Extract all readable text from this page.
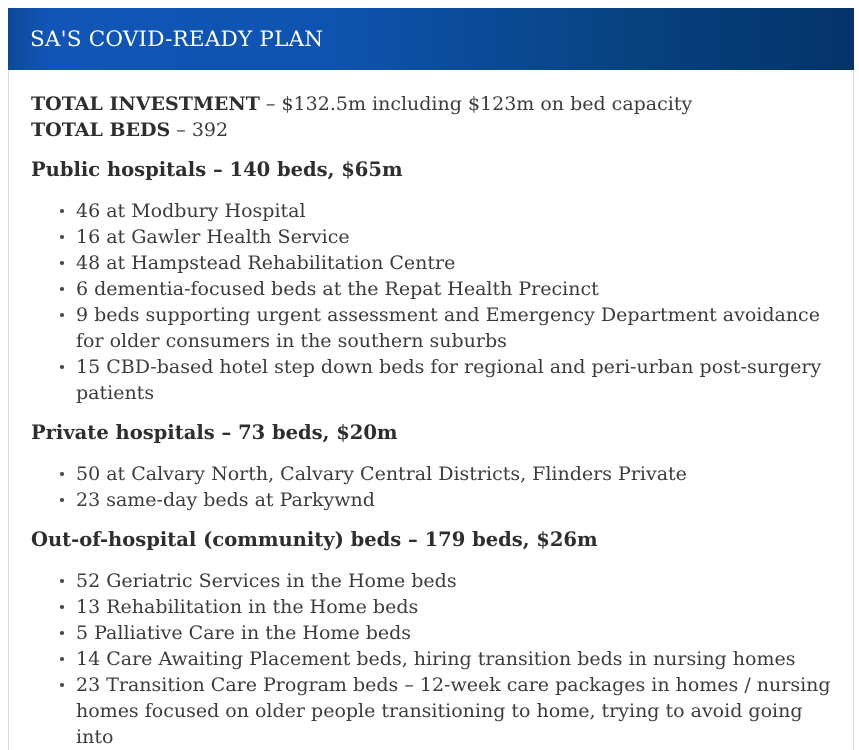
SA'S COVID-READY PLAN

TOTAL INVESTMENT – $132.5m including $123m on bed capacity
TOTAL BEDS – 392

Public hospitals – 140 beds, $65m
46 at Modbury Hospital
16 at Gawler Health Service
48 at Hampstead Rehabilitation Centre
6 dementia-focused beds at the Repat Health Precinct
9 beds supporting urgent assessment and Emergency Department avoidance for older consumers in the southern suburbs
15 CBD-based hotel step down beds for regional and peri-urban post-surgery patients
Private hospitals – 73 beds, $20m
50 at Calvary North, Calvary Central Districts, Flinders Private
23 same-day beds at Parkywnd
Out-of-hospital (community) beds – 179 beds, $26m
52 Geriatric Services in the Home beds
13 Rehabilitation in the Home beds
5 Palliative Care in the Home beds
14 Care Awaiting Placement beds, hiring transition beds in nursing homes
23 Transition Care Program beds – 12-week care packages in homes / nursing homes focused on older people transitioning to home, trying to avoid going into
